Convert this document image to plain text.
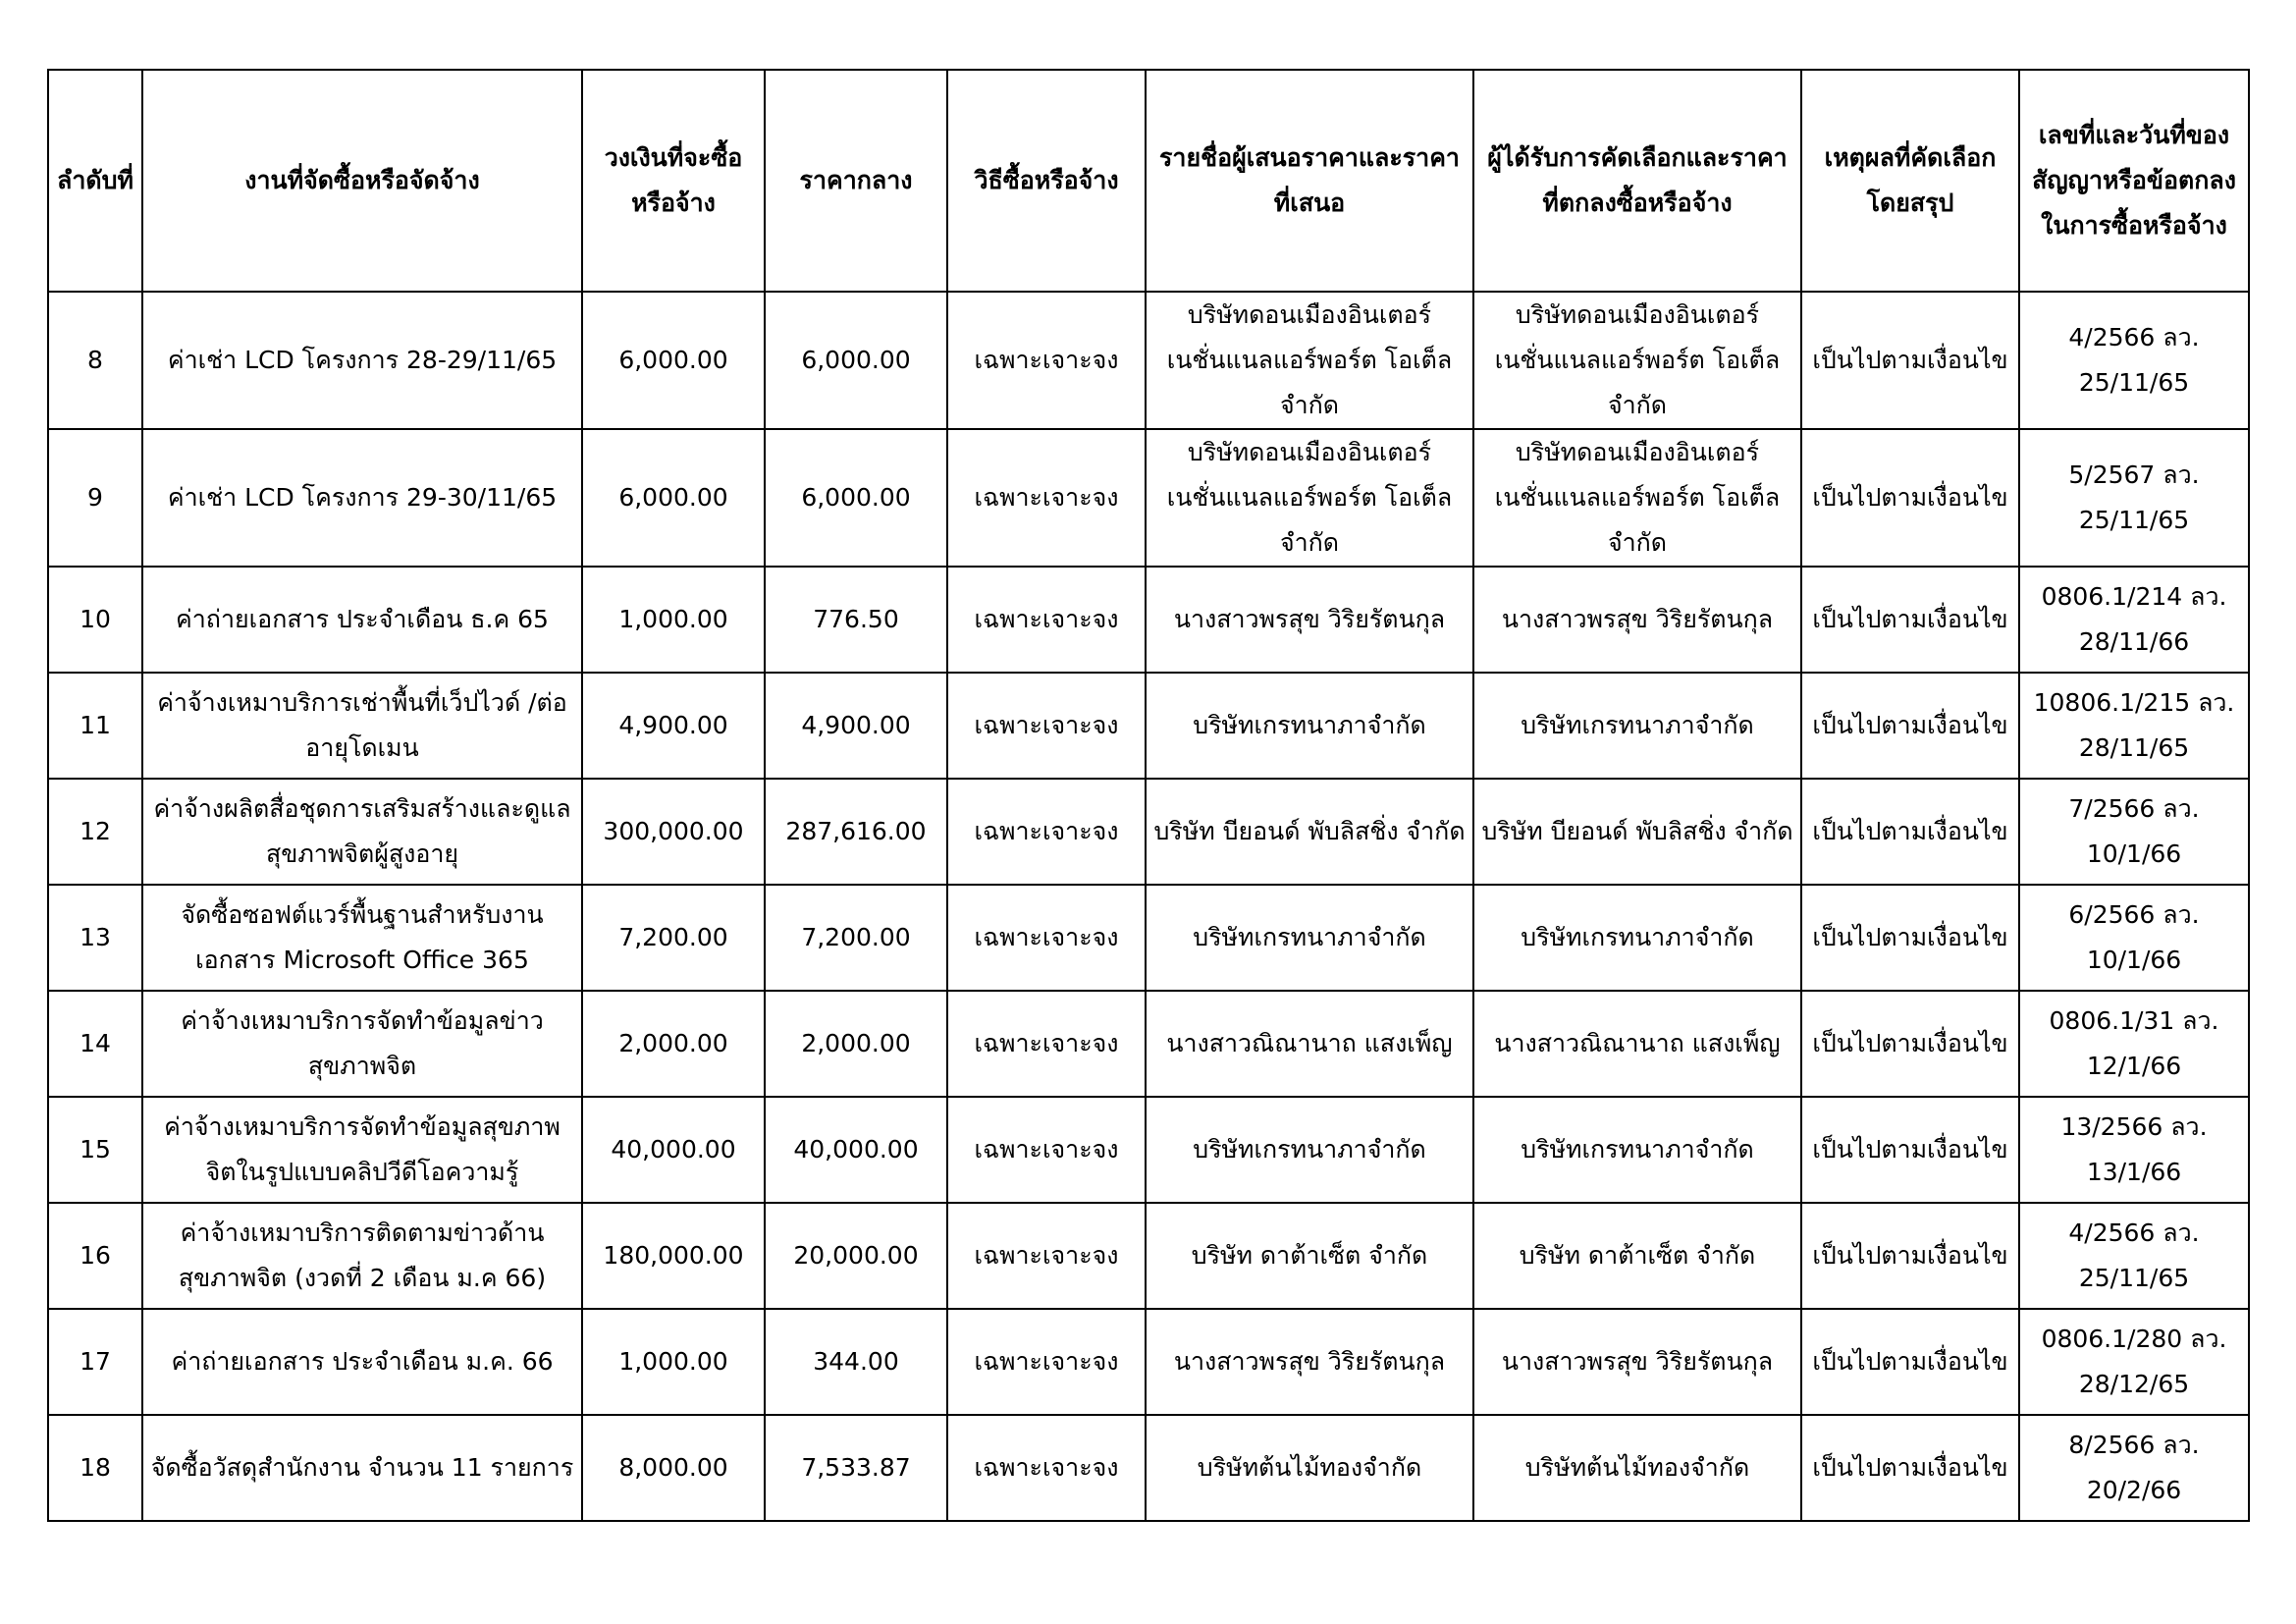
ลำดับที่	งานที่จัดซื้อหรือจัดจ้าง	วงเงินที่จะซื้อหรือจ้าง	ราคากลาง	วิธีซื้อหรือจ้าง	รายชื่อผู้เสนอราคาและราคาที่เสนอ	ผู้ได้รับการคัดเลือกและราคาที่ตกลงซื้อหรือจ้าง	เหตุผลที่คัดเลือกโดยสรุป	เลขที่และวันที่ของสัญญาหรือข้อตกลงในการซื้อหรือจ้าง
8	ค่าเช่า LCD โครงการ 28-29/11/65	6,000.00	6,000.00	เฉพาะเจาะจง	บริษัทดอนเมืองอินเตอร์เนชั่นแนลแอร์พอร์ต โอเต็ล จำกัด	บริษัทดอนเมืองอินเตอร์เนชั่นแนลแอร์พอร์ต โอเต็ล จำกัด	เป็นไปตามเงื่อนไข	4/2566 ลว. 25/11/65
9	ค่าเช่า LCD โครงการ 29-30/11/65	6,000.00	6,000.00	เฉพาะเจาะจง	บริษัทดอนเมืองอินเตอร์เนชั่นแนลแอร์พอร์ต โอเต็ล จำกัด	บริษัทดอนเมืองอินเตอร์เนชั่นแนลแอร์พอร์ต โอเต็ล จำกัด	เป็นไปตามเงื่อนไข	5/2567 ลว. 25/11/65
10	ค่าถ่ายเอกสาร ประจำเดือน ธ.ค 65	1,000.00	776.50	เฉพาะเจาะจง	นางสาวพรสุข วิริยรัตนกุล	นางสาวพรสุข วิริยรัตนกุล	เป็นไปตามเงื่อนไข	0806.1/214 ลว. 28/11/66
11	ค่าจ้างเหมาบริการเช่าพื้นที่เว็ปไวด์ /ต่ออายุโดเมน	4,900.00	4,900.00	เฉพาะเจาะจง	บริษัทเกรทนาภาจำกัด	บริษัทเกรทนาภาจำกัด	เป็นไปตามเงื่อนไข	10806.1/215 ลว. 28/11/65
12	ค่าจ้างผลิตสื่อชุดการเสริมสร้างและดูแลสุขภาพจิตผู้สูงอายุ	300,000.00	287,616.00	เฉพาะเจาะจง	บริษัท บียอนด์ พับลิสชิ่ง จำกัด	บริษัท บียอนด์ พับลิสชิ่ง จำกัด	เป็นไปตามเงื่อนไข	7/2566 ลว. 10/1/66
13	จัดซื้อซอฟต์แวร์พื้นฐานสำหรับงานเอกสาร Microsoft Office 365	7,200.00	7,200.00	เฉพาะเจาะจง	บริษัทเกรทนาภาจำกัด	บริษัทเกรทนาภาจำกัด	เป็นไปตามเงื่อนไข	6/2566 ลว. 10/1/66
14	ค่าจ้างเหมาบริการจัดทำข้อมูลข่าวสุขภาพจิต	2,000.00	2,000.00	เฉพาะเจาะจง	นางสาวณิณานาถ แสงเพ็ญ	นางสาวณิณานาถ แสงเพ็ญ	เป็นไปตามเงื่อนไข	0806.1/31 ลว. 12/1/66
15	ค่าจ้างเหมาบริการจัดทำข้อมูลสุขภาพจิตในรูปแบบคลิปวีดีโอความรู้	40,000.00	40,000.00	เฉพาะเจาะจง	บริษัทเกรทนาภาจำกัด	บริษัทเกรทนาภาจำกัด	เป็นไปตามเงื่อนไข	13/2566 ลว. 13/1/66
16	ค่าจ้างเหมาบริการติดตามข่าวด้านสุขภาพจิต (งวดที่ 2 เดือน ม.ค 66)	180,000.00	20,000.00	เฉพาะเจาะจง	บริษัท ดาต้าเซ็ต จำกัด	บริษัท ดาต้าเซ็ต จำกัด	เป็นไปตามเงื่อนไข	4/2566 ลว. 25/11/65
17	ค่าถ่ายเอกสาร ประจำเดือน ม.ค. 66	1,000.00	344.00	เฉพาะเจาะจง	นางสาวพรสุข วิริยรัตนกุล	นางสาวพรสุข วิริยรัตนกุล	เป็นไปตามเงื่อนไข	0806.1/280 ลว. 28/12/65
18	จัดซื้อวัสดุสำนักงาน จำนวน 11 รายการ	8,000.00	7,533.87	เฉพาะเจาะจง	บริษัทต้นไม้ทองจำกัด	บริษัทต้นไม้ทองจำกัด	เป็นไปตามเงื่อนไข	8/2566 ลว. 20/2/66
